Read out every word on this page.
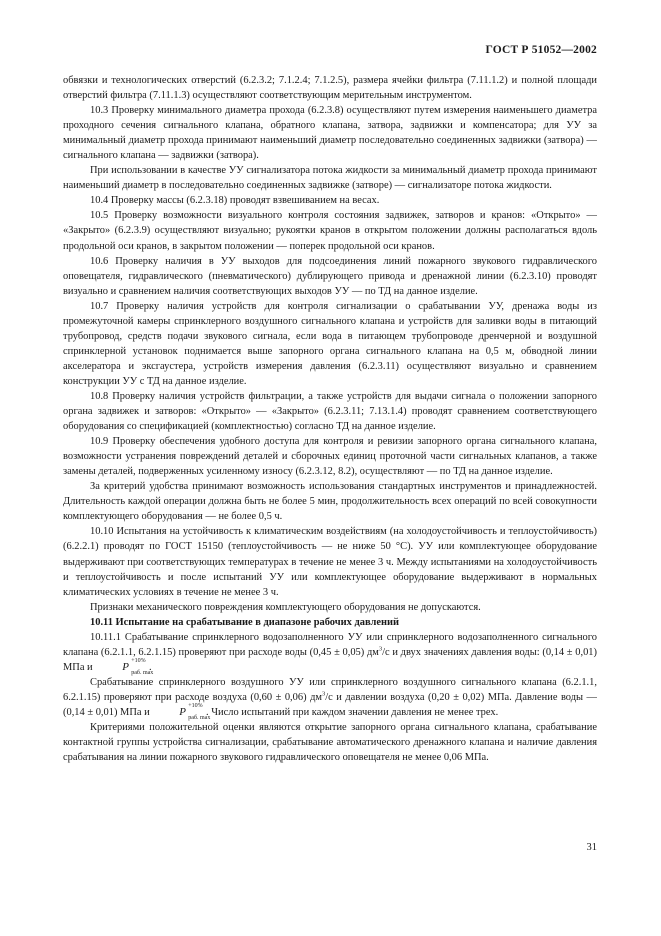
ГОСТ Р 51052—2002

обвязки и технологических отверстий (6.2.3.2; 7.1.2.4; 7.1.2.5), размера ячейки фильтра (7.11.1.2) и полной площади отверстий фильтра (7.11.1.3) осуществляют соответствующим мерительным инструментом.

10.3 Проверку минимального диаметра прохода (6.2.3.8) осуществляют путем измерения наименьшего диаметра проходного сечения сигнального клапана, обратного клапана, затвора, задвижки и компенсатора; для УУ за минимальный диаметр прохода принимают наименьший диаметр последовательно соединенных задвижки (затвора) — сигнального клапана — задвижки (затвора).

При использовании в качестве УУ сигнализатора потока жидкости за минимальный диаметр прохода принимают наименьший диаметр в последовательно соединенных задвижке (затворе) — сигнализаторе потока жидкости.

10.4 Проверку массы (6.2.3.18) проводят взвешиванием на весах.

10.5 Проверку возможности визуального контроля состояния задвижек, затворов и кранов: «Открыто» — «Закрыто» (6.2.3.9) осуществляют визуально; рукоятки кранов в открытом положении должны располагаться вдоль продольной оси кранов, в закрытом положении — поперек продольной оси кранов.

10.6 Проверку наличия в УУ выходов для подсоединения линий пожарного звукового гидравлического оповещателя, гидравлического (пневматического) дублирующего привода и дренажной линии (6.2.3.10) проводят визуально и сравнением наличия соответствующих выходов УУ — по ТД на данное изделие.

10.7 Проверку наличия устройств для контроля сигнализации о срабатывании УУ, дренажа воды из промежуточной камеры спринклерного воздушного сигнального клапана и устройств для заливки воды в питающий трубопровод, средств подачи звукового сигнала, если вода в питающем трубопроводе дренчерной и воздушной спринклерной установок поднимается выше запорного органа сигнального клапана на 0,5 м, обводной линии акселератора и эксгаустера, устройств измерения давления (6.2.3.11) осуществляют визуально и сравнением конструкции УУ с ТД на данное изделие.

10.8 Проверку наличия устройств фильтрации, а также устройств для выдачи сигнала о положении запорного органа задвижек и затворов: «Открыто» — «Закрыто» (6.2.3.11; 7.13.1.4) проводят сравнением соответствующего оборудования со спецификацией (комплектностью) согласно ТД на данное изделие.

10.9 Проверку обеспечения удобного доступа для контроля и ревизии запорного органа сигнального клапана, возможности устранения повреждений деталей и сборочных единиц проточной части сигнальных клапанов, а также замены деталей, подверженных усиленному износу (6.2.3.12, 8.2), осуществляют — по ТД на данное изделие.

За критерий удобства принимают возможность использования стандартных инструментов и принадлежностей. Длительность каждой операции должна быть не более 5 мин, продолжительность всех операций по всей совокупности комплектующего оборудования — не более 0,5 ч.

10.10 Испытания на устойчивость к климатическим воздействиям (на холодоустойчивость и теплоустойчивость) (6.2.2.1) проводят по ГОСТ 15150 (теплоустойчивость — не ниже 50 °С). УУ или комплектующее оборудование выдерживают при соответствующих температурах в течение не менее 3 ч. Между испытаниями на холодоустойчивость и теплоустойчивость и после испытаний УУ или комплектующее оборудование выдерживают в нормальных климатических условиях в течение не менее 3 ч.

Признаки механического повреждения комплектующего оборудования не допускаются.

10.11 Испытание на срабатывание в диапазоне рабочих давлений

10.11.1 Срабатывание спринклерного водозаполненного УУ или спринклерного водозаполненного сигнального клапана (6.2.1.1, 6.2.1.15) проверяют при расходе воды (0,45 ± 0,05) $дм^3/с$ и двух значениях давления воды: (0,14 ± 0,01) МПа и P +10%
раб. max
.

Срабатывание спринклерного воздушного УУ или спринклерного воздушного сигнального клапана (6.2.1.1, 6.2.1.15) проверяют при расходе воздуха (0,60 ± 0,06) $дм^3/с$ и давлении воздуха (0,20 ± 0,02) МПа. Давление воды — (0,14 ± 0,01) МПа и P +10%
раб. max
. Число испытаний при каждом значении давления не менее трех.

Критериями положительной оценки являются открытие запорного органа сигнального клапана, срабатывание контактной группы устройства сигнализации, срабатывание автоматического дренажного клапана и наличие давления срабатывания на линии пожарного звукового гидравлического оповещателя не менее 0,06 МПа.

31
